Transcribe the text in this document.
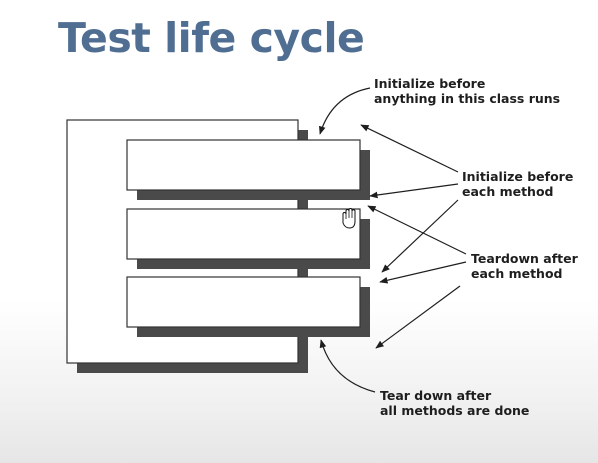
Test life cycle
Initialize before
anything in this class runs
Initialize before
each method
Teardown after
each method
Tear down after
all methods are done
